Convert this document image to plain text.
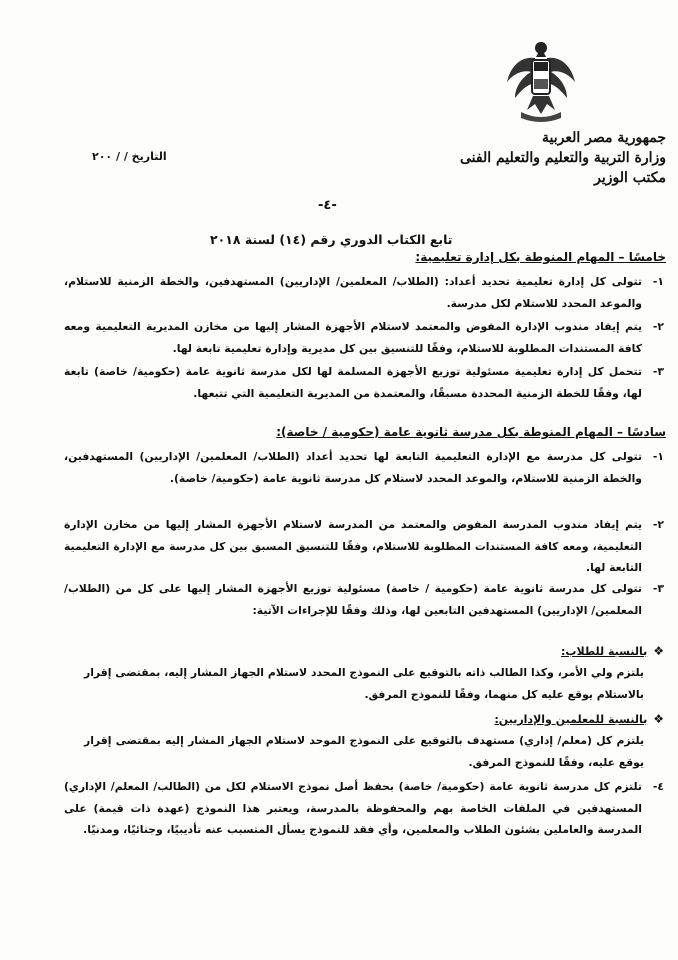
جمهورية مصر العربية
وزارة التربية والتعليم والتعليم الفنى
مكتب الوزير
التاريخ / / ٢٠٠
-٤-
تابع الكتاب الدوري رقم (١٤) لسنة ٢٠١٨
خامسًا – المهام المنوطة بكل إدارة تعليمية:
١-
تتولى كل إدارة تعليمية تحديد أعداد: (الطلاب/ المعلمين/ الإداريين) المستهدفين، والخطة الزمنية للاستلام، والموعد المحدد للاستلام لكل مدرسة.
٢-
يتم إيفاد مندوب الإدارة المفوض والمعتمد لاستلام الأجهزة المشار إليها من مخازن المديرية التعليمية ومعه كافة المستندات المطلوبة للاستلام، وفقًا للتنسيق بين كل مديرية وإدارة تعليمية تابعة لها.
٣-
تتحمل كل إدارة تعليمية مسئولية توزيع الأجهزة المسلمة لها لكل مدرسة ثانوية عامة (حكومية/ خاصة) تابعة لها، وفقًا للخطة الزمنية المحددة مسبقًا، والمعتمدة من المديرية التعليمية التي تتبعها.
سادسًا – المهام المنوطة بكل مدرسة ثانوية عامة (حكومية / خاصة):
١-
تتولى كل مدرسة مع الإدارة التعليمية التابعة لها تحديد أعداد (الطلاب/ المعلمين/ الإداريين) المستهدفين، والخطة الزمنية للاستلام، والموعد المحدد لاستلام كل مدرسة ثانوية عامة (حكومية/ خاصة).
٢-
يتم إيفاد مندوب المدرسة المفوض والمعتمد من المدرسة لاستلام الأجهزة المشار إليها من مخازن الإدارة التعليمية، ومعه كافة المستندات المطلوبة للاستلام، وفقًا للتنسيق المسبق بين كل مدرسة مع الإدارة التعليمية التابعة لها.
٣-
تتولى كل مدرسة ثانوية عامة (حكومية / خاصة) مسئولية توزيع الأجهزة المشار إليها على كل من (الطلاب/ المعلمين/ الإداريين) المستهدفين التابعين لها، وذلك وفقًا للإجراءات الآتية:
❖بالنسبة للطلاب:
يلتزم ولي الأمر، وكذا الطالب ذاته بالتوقيع على النموذج المحدد لاستلام الجهاز المشار إليه، بمقتضى إقرار بالاستلام يوقع عليه كل منهما، وفقًا للنموذج المرفق.
❖بالنسبة للمعلمين والإداريين:
يلتزم كل (معلم/ إداري) مستهدف بالتوقيع على النموذج الموحد لاستلام الجهاز المشار إليه بمقتضى إقرار يوقع عليه، وفقًا للنموذج المرفق.
٤-
تلتزم كل مدرسة ثانوية عامة (حكومية/ خاصة) بحفظ أصل نموذج الاستلام لكل من (الطالب/ المعلم/ الإداري) المستهدفين في الملفات الخاصة بهم والمحفوظة بالمدرسة، ويعتبر هذا النموذج (عهدة ذات قيمة) على المدرسة والعاملين بشئون الطلاب والمعلمين، وأي فقد للنموذج يسأل المتسبب عنه تأديبيًا، وجنائيًا، ومدنيًا.
